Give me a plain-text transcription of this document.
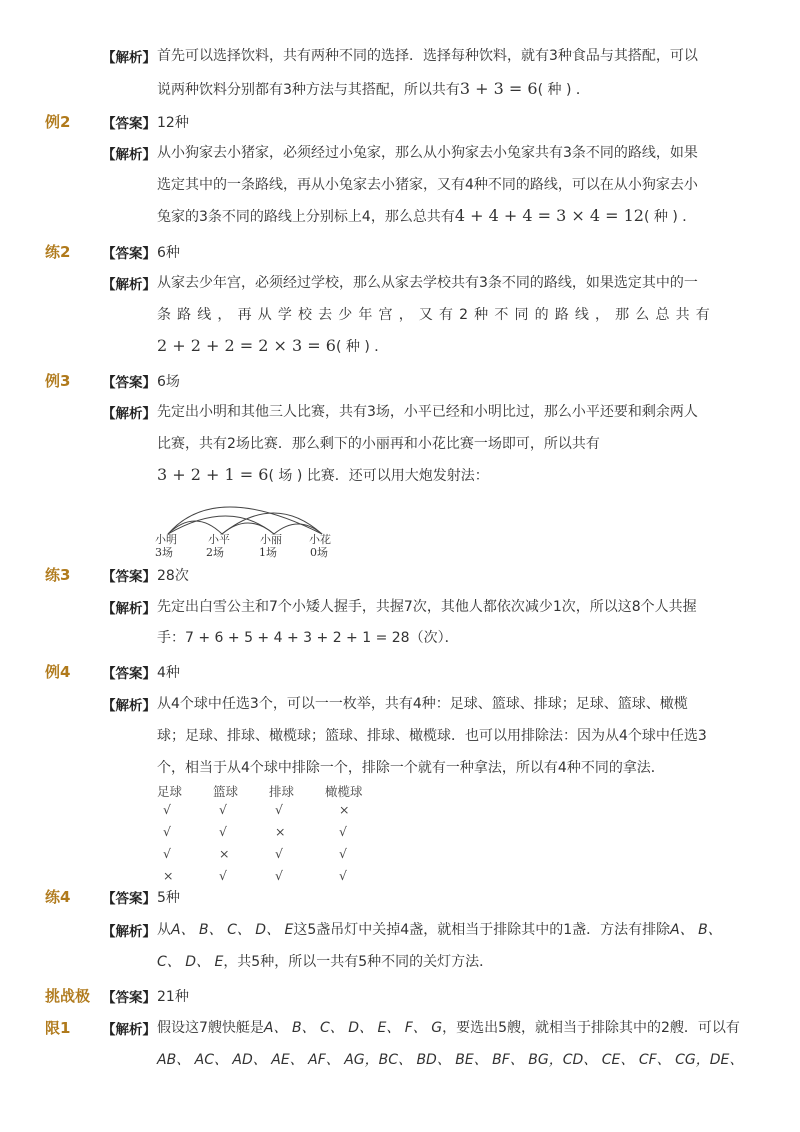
【解析】 首先可以选择饮料，共有两种不同的选择．选择每种饮料，就有3种食品与其搭配，可以
说两种饮料分别都有3种方法与其搭配，所以共有3 + 3 = 6( 种 ) ．
例2 【答案】 12种
【解析】 从小狗家去小猪家，必须经过小兔家，那么从小狗家去小兔家共有3条不同的路线，如果
选定其中的一条路线，再从小兔家去小猪家，又有4种不同的路线，可以在从小狗家去小
兔家的3条不同的路线上分别标上4，那么总共有4 + 4 + 4 = 3 × 4 = 12( 种 ) ．
练2 【答案】 6种
【解析】 从家去少年宫，必须经过学校，那么从家去学校共有3条不同的路线，如果选定其中的一
条 路 线 ， 再 从 学 校 去 少 年 宫 ， 又 有 2 种 不 同 的 路 线 ， 那 么 总 共 有
2 + 2 + 2 = 2 × 3 = 6( 种 ) ．
例3 【答案】 6场
【解析】 先定出小明和其他三人比赛，共有3场，小平已经和小明比过，那么小平还要和剩余两人
比赛，共有2场比赛．那么剩下的小丽再和小花比赛一场即可，所以共有
3 + 2 + 1 = 6( 场 ) 比赛．还可以用大炮发射法：
小明	小平	小丽 小花
3场	2场	1场	0场
练3 【答案】 28次
【解析】 先定出白雪公主和7个小矮人握手，共握7次，其他人都依次减少1次，所以这8个人共握
手：7 + 6 + 5 + 4 + 3 + 2 + 1 = 28（次）．
例4 【答案】 4种
【解析】 从4个球中任选3个，可以一一枚举，共有4种：足球、篮球、排球；足球、篮球、橄榄
球；足球、排球、橄榄球；篮球、排球、橄榄球．也可以用排除法：因为从4个球中任选3
个，相当于从4个球中排除一个，排除一个就有一种拿法，所以有4种不同的拿法．
足球 篮球 排球 橄榄球
√	√	√	×
√	√	×	√
√	×	√	√
×	√	√	√
练4 【答案】 5种
【解析】 从A、 B、 C、 D、 E这5盏吊灯中关掉4盏，就相当于排除其中的1盏．方法有排除A、 B、
C、 D、 E，共5种，所以一共有5种不同的关灯方法．
挑战极 【答案】 21种
限1 【解析】 假设这7艘快艇是A、 B、 C、 D、 E、 F、 G，要选出5艘，就相当于排除其中的2艘．可以有
AB、 AC、 AD、 AE、 AF、 AG，BC、 BD、 BE、 BF、 BG，CD、 CE、 CF、 CG，DE、
